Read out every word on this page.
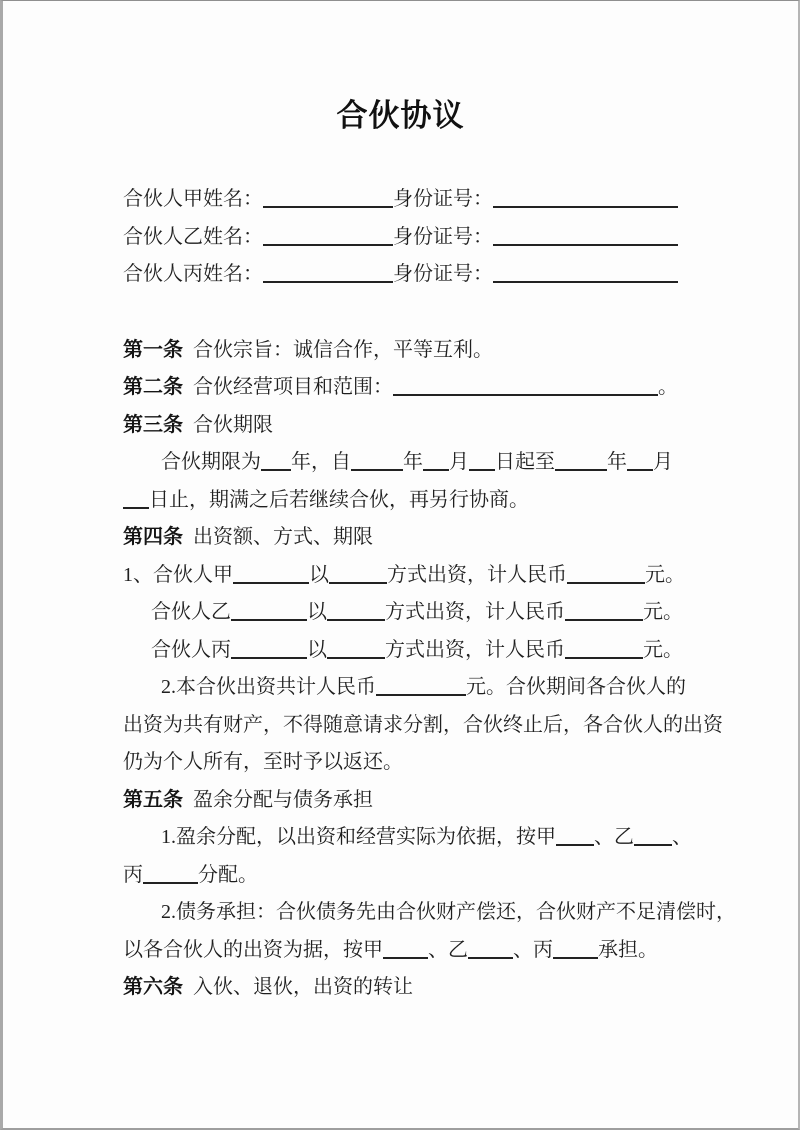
合伙协议
合伙人甲姓名：	身份证号：
合伙人乙姓名：	身份证号：
合伙人丙姓名：	身份证号：
第一条 合伙宗旨：诚信合作，平等互利。
第二条 合伙经营项目和范围：	。
第三条 合伙期限
合伙期限为 年，自	年 月 日起至	年 月
日止，期满之后若继续合伙，再另行协商。
第四条 出资额、方式、期限
1、合伙人甲	以	方式出资，计人民币	元。
合伙人乙	以	方式出资，计人民币	元。
合伙人丙	以	方式出资，计人民币	元。
2.本合伙出资共计人民币	元。合伙期间各合伙人的
出资为共有财产，不得随意请求分割，合伙终止后，各合伙人的出资
仍为个人所有，至时予以返还。
第五条 盈余分配与债务承担
1.盈余分配，以出资和经营实际为依据，按甲 、乙 、
丙	分配。
2.债务承担：合伙债务先由合伙财产偿还，合伙财产不足清偿时，
以各合伙人的出资为据，按甲 、乙 、丙 承担。
第六条 入伙、退伙，出资的转让
